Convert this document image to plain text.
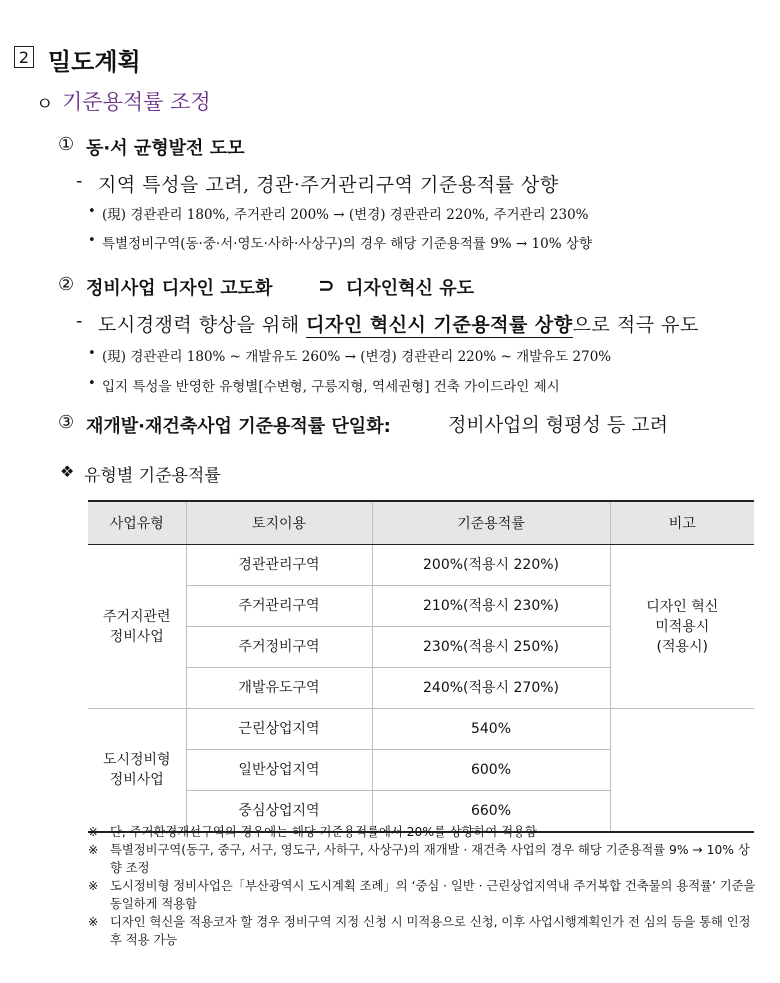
2 밀도계획
ㅇ 기준용적률 조정
① 동·서 균형발전 도모
- 지역 특성을 고려, 경관·주거관리구역 기준용적률 상향
• (現) 경관관리 180%, 주거관리 200% → (변경) 경관관리 220%, 주거관리 230%
• 특별정비구역(동·중·서·영도·사하·사상구)의 경우 해당 기준용적률 9% → 10% 상향
② 정비사업 디자인 고도화 ⊃ 디자인혁신 유도
- 도시경쟁력 향상을 위해 디자인 혁신시 기준용적률 상향으로 적극 유도
• (現) 경관관리 180% ~ 개발유도 260% → (변경) 경관관리 220% ~ 개발유도 270%
• 입지 특성을 반영한 유형별[수변형, 구릉지형, 역세권형] 건축 가이드라인 제시
③ 재개발·재건축사업 기준용적률 단일화:	정비사업의 형평성 등 고려
❖ 유형별 기준용적률
사업유형	토지이용	기준용적률	비고
주거지관련
정비사업	경관관리구역	200%(적용시 220%)	디자인 혁신
미적용시
(적용시)
	주거관리구역	210%(적용시 230%)	
	주거정비구역	230%(적용시 250%)	
	개발유도구역	240%(적용시 270%)	
도시정비형
정비사업	근린상업지역	540%	
	일반상업지역	600%	
	중심상업지역	660%	
※ 단, 주거환경개선구역의 경우에는 해당 기준용적률에서 20%를 상향하여 적용함
※ 특별정비구역(동구, 중구, 서구, 영도구, 사하구, 사상구)의 재개발 · 재건축 사업의 경우 해당 기준용적률 9% → 10% 상향 조정
※ 도시정비형 정비사업은「부산광역시 도시계획 조례」의 ‘중심 · 일반 · 근린상업지역내 주거복합 건축물의 용적률’ 기준을 동일하게 적용함
※ 디자인 혁신을 적용코자 할 경우 정비구역 지정 신청 시 미적용으로 신청, 이후 사업시행계획인가 전 심의 등을 통해 인정 후 적용 가능
